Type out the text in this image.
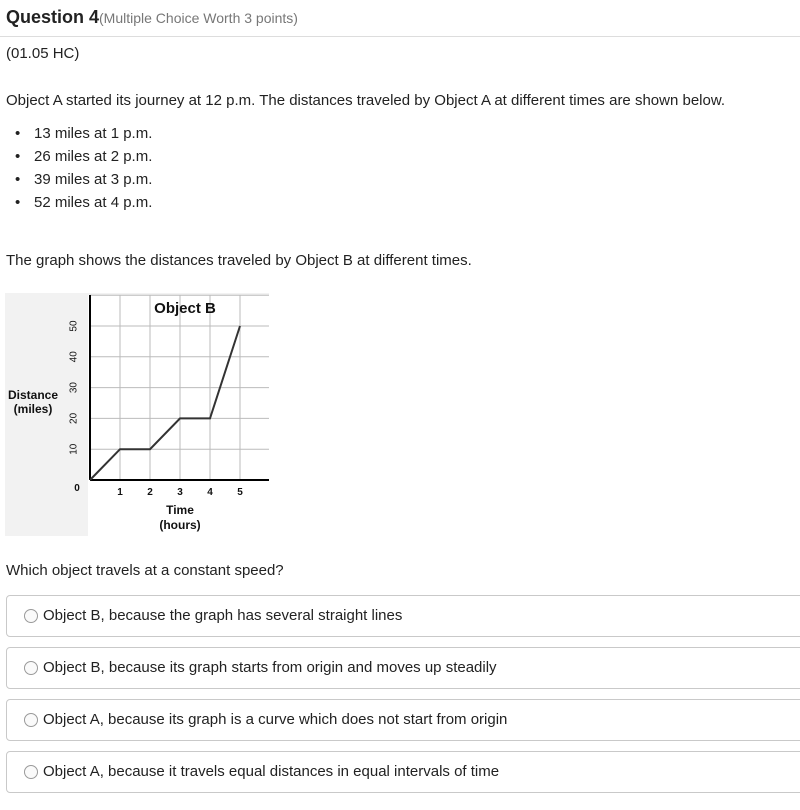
Question 4(Multiple Choice Worth 3 points)
(01.05 HC)
Object A started its journey at 12 p.m. The distances traveled by Object A at different times are shown below.
• 13 miles at 1 p.m.
• 26 miles at 2 p.m.
• 39 miles at 3 p.m.
• 52 miles at 4 p.m.
The graph shows the distances traveled by Object B at different times.
Object B
10
20
30
40
50
0	1 2 3 4 5
Distance
(miles)
Time
(hours)
Which object travels at a constant speed?
Object B, because the graph has several straight lines
Object B, because its graph starts from origin and moves up steadily
Object A, because its graph is a curve which does not start from origin
Object A, because it travels equal distances in equal intervals of time
